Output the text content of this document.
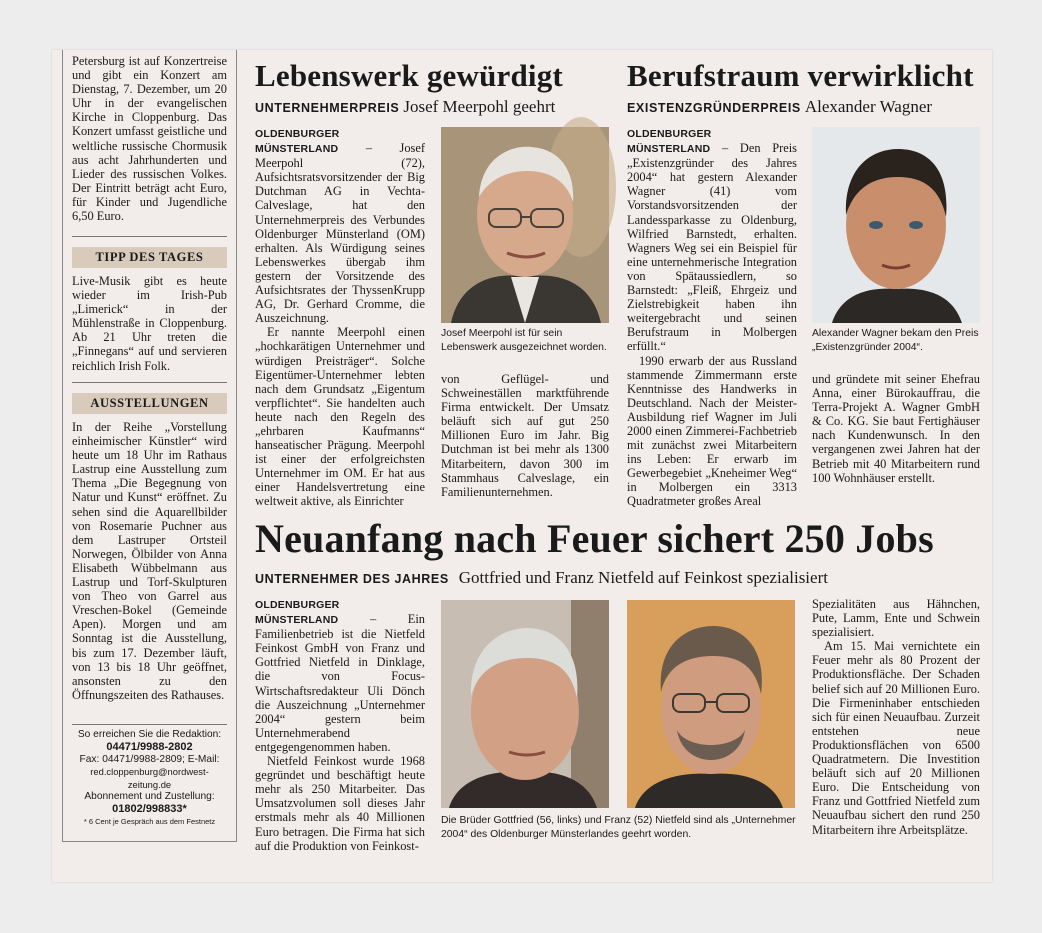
Petersburg ist auf Konzertreise und gibt ein Konzert am Dienstag, 7. Dezember, um 20 Uhr in der evangelischen Kirche in Cloppenburg. Das Konzert umfasst geistliche und weltliche russische Chormusik aus acht Jahrhunderten und Lieder des russischen Volkes. Der Eintritt beträgt acht Euro, für Kinder und Jugendliche 6,50 Euro.
TIPP DES TAGES
Live-Musik gibt es heute wieder im Irish-Pub „Limerick“ in der Mühlenstraße in Cloppenburg. Ab 21 Uhr treten die „Finnegans“ auf und servieren reichlich Irish Folk.
AUSSTELLUNGEN
In der Reihe „Vorstellung einheimischer Künstler“ wird heute um 18 Uhr im Rathaus Lastrup eine Ausstellung zum Thema „Die Begegnung von Natur und Kunst“ eröffnet. Zu sehen sind die Aquarellbilder von Rosemarie Puchner aus dem Lastruper Ortsteil Norwegen, Ölbilder von Anna Elisabeth Wübbelmann aus Lastrup und Torf-Skulpturen von Theo von Garrel aus Vreschen-Bokel (Gemeinde Apen). Morgen und am Sonntag ist die Ausstellung, bis zum 17. Dezember läuft, von 13 bis 18 Uhr geöffnet, ansonsten zu den Öffnungszeiten des Rathauses.
So erreichen Sie die Redaktion:
04471/9988-2802
Fax: 04471/9988-2809; E-Mail:
red.cloppenburg@nordwest-zeitung.de
Abonnement und Zustellung:
01802/998833*
* 6 Cent je Gespräch aus dem Festnetz
Lebenswerk gewürdigt
UNTERNEHMERPREIS Josef Meerpohl geehrt

OLDENBURGER MÜNSTERLAND – Josef Meerpohl (72), Aufsichtsratsvorsitzender der Big Dutchman AG in Vechta-Calveslage, hat den Unternehmerpreis des Verbundes Oldenburger Münsterland (OM) erhalten. Als Würdigung seines Lebenswerkes übergab ihm gestern der Vorsitzende des Aufsichtsrates der ThyssenKrupp AG, Dr. Gerhard Cromme, die Auszeichnung.

Er nannte Meerpohl einen „hochkarätigen Unternehmer und würdigen Preisträger“. Solche Eigentümer-Unternehmer lebten nach dem Grundsatz „Eigentum verpflichtet“. Sie handelten auch heute nach den Regeln des „ehrbaren Kaufmanns“ hanseatischer Prägung. Meerpohl ist einer der erfolgreichsten Unternehmer im OM. Er hat aus einer Handelsvertretung eine weltweit aktive, als Einrichter

Josef Meerpohl ist für sein Lebenswerk ausgezeichnet worden.
von Geflügel- und Schweineställen marktführende Firma entwickelt. Der Umsatz beläuft sich auf gut 250 Millionen Euro im Jahr. Big Dutchman ist bei mehr als 1300 Mitarbeitern, davon 300 im Stammhaus Calveslage, ein Familienunternehmen.
Berufstraum verwirklicht
EXISTENZGRÜNDERPREIS Alexander Wagner

OLDENBURGER MÜNSTERLAND – Den Preis „Existenzgründer des Jahres 2004“ hat gestern Alexander Wagner (41) vom Vorstandsvorsitzenden der Landessparkasse zu Oldenburg, Wilfried Barnstedt, erhalten. Wagners Weg sei ein Beispiel für eine unternehmerische Integration von Spätaussiedlern, so Barnstedt: „Fleiß, Ehrgeiz und Zielstrebigkeit haben ihn weitergebracht und seinen Berufstraum in Molbergen erfüllt.“

1990 erwarb der aus Russland stammende Zimmermann erste Kenntnisse des Handwerks in Deutschland. Nach der Meister-Ausbildung rief Wagner im Juli 2000 einen Zimmerei-Fachbetrieb mit zunächst zwei Mitarbeitern ins Leben: Er erwarb im Gewerbegebiet „Kneheimer Weg“ in Molbergen ein 3313 Quadratmeter großes Areal

Alexander Wagner bekam den Preis „Existenzgründer 2004“.
und gründete mit seiner Ehefrau Anna, einer Bürokauffrau, die Terra-Projekt A. Wagner GmbH & Co. KG. Sie baut Fertighäuser nach Kundenwunsch. In den vergangenen zwei Jahren hat der Betrieb mit 40 Mitarbeitern rund 100 Wohnhäuser erstellt.
Neuanfang nach Feuer sichert 250 Jobs
UNTERNEHMER DES JAHRES Gottfried und Franz Nietfeld auf Feinkost spezialisiert

OLDENBURGER MÜNSTERLAND	– Ein Familienbetrieb ist die Nietfeld Feinkost GmbH von Franz und Gottfried Nietfeld in Dinklage, die von Focus-Wirtschaftsredakteur Uli Dönch die Auszeichnung „Unternehmer 2004“ gestern beim Unternehmerabend entgegengenommen haben.

Nietfeld Feinkost wurde 1968 gegründet und beschäftigt heute mehr als 250 Mitarbeiter. Das Umsatzvolumen soll dieses Jahr erstmals mehr als 40 Millionen Euro betragen. Die Firma hat sich auf die Produktion von Feinkost-

Die Brüder Gottfried (56, links) und Franz (52) Nietfeld sind als „Unternehmer 2004“ des Oldenburger Münsterlandes geehrt worden.

Spezialitäten aus Hähnchen, Pute, Lamm, Ente und Schwein spezialisiert.

Am 15. Mai vernichtete ein Feuer mehr als 80 Prozent der Produktionsfläche. Der Schaden belief sich auf 20 Millionen Euro. Die Firmeninhaber entschieden sich für einen Neuaufbau. Zurzeit entstehen neue Produktionsflächen von 6500 Quadratmetern. Die Investition beläuft sich auf 20 Millionen Euro. Die Entscheidung von Franz und Gottfried Nietfeld zum Neuaufbau sichert den rund 250 Mitarbeitern ihre Arbeitsplätze.
